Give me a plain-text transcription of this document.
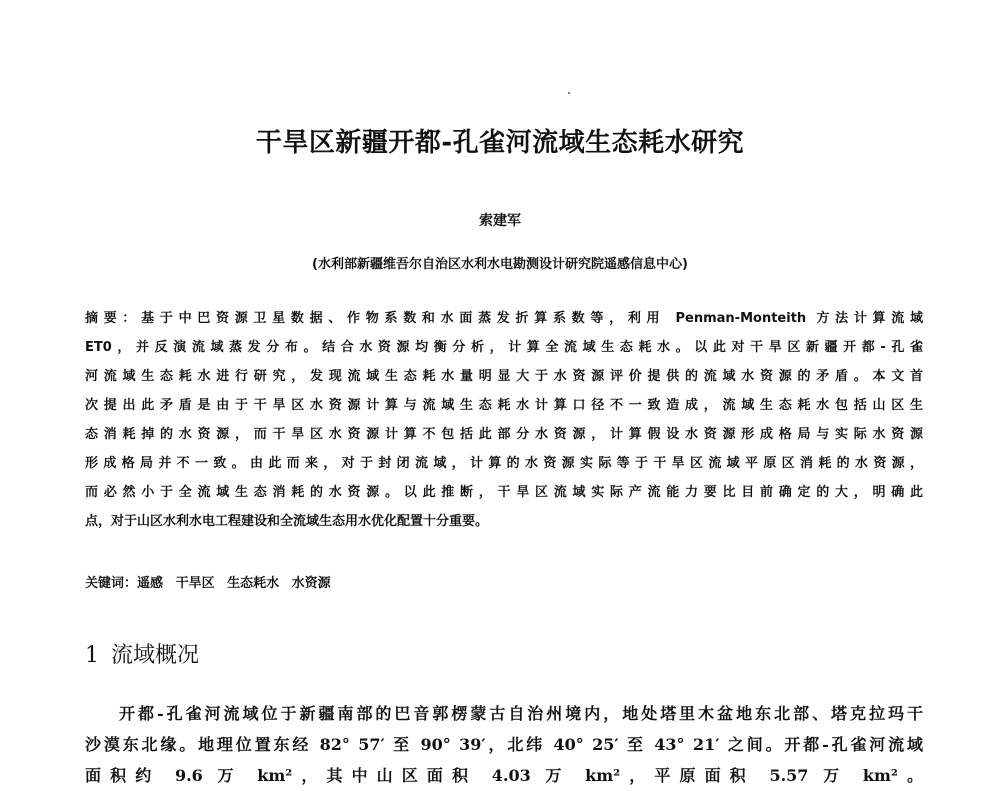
干旱区新疆开都-孔雀河流域生态耗水研究
索建军
(水利部新疆维吾尔自治区水利水电勘测设计研究院遥感信息中心)
摘要：基于中巴资源卫星数据、作物系数和水面蒸发折算系数等，利用 Penman-Monteith 方法计算流域
ET0，并反演流域蒸发分布。结合水资源均衡分析，计算全流域生态耗水。以此对干旱区新疆开都-孔雀
河流域生态耗水进行研究，发现流域生态耗水量明显大于水资源评价提供的流域水资源的矛盾。本文首
次提出此矛盾是由于干旱区水资源计算与流域生态耗水计算口径不一致造成，流域生态耗水包括山区生
态消耗掉的水资源，而干旱区水资源计算不包括此部分水资源，计算假设水资源形成格局与实际水资源
形成格局并不一致。由此而来，对于封闭流域，计算的水资源实际等于干旱区流域平原区消耗的水资源，
而必然小于全流域生态消耗的水资源。以此推断，干旱区流域实际产流能力要比目前确定的大，明确此
点，对于山区水利水电工程建设和全流域生态用水优化配置十分重要。
关键词：遥感 干旱区 生态耗水 水资源
1 流域概况
开都-孔雀河流域位于新疆南部的巴音郭楞蒙古自治州境内，地处塔里木盆地东北部、塔克拉玛干
沙漠东北缘。地理位置东经 82° 57′ 至 90° 39′，北纬 40° 25′ 至 43° 21′ 之间。开都-孔雀河流域
面积约 9.6 万 km²，其中山区面积 4.03 万 km²，平原面积 5.57 万 km²。
